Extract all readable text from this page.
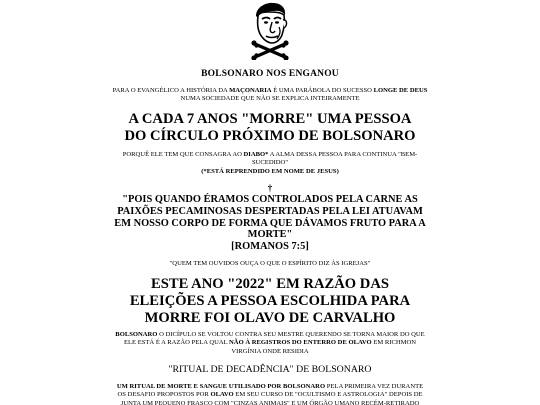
BOLSONARO NOS ENGANOU

PARA O EVANGÉLICO A HISTÓRIA DA MAÇONARIA É UMA PARÁBOLA DO SUCESSO LONGE DE DEUS NUMA SOCIEDADE QUE NÃO SE EXPLICA INTEIRAMENTE

A CADA 7 ANOS "MORRE" UMA PESSOA DO CÍRCULO PRÓXIMO DE BOLSONARO

PORQUÊ ELE TEM QUE CONSAGRA AO DIABO* A ALMA DESSA PESSOA PARA CONTINUA "BEM-SUCEDIDO"

(*ESTÁ REPRENDIDO EM NOME DE JESUS)
†
"POIS QUANDO ÉRAMOS CONTROLADOS PELA CARNE AS PAIXÕES PECAMINOSAS DESPERTADAS PELA LEI ATUAVAM EM NOSSO CORPO DE FORMA QUE DÁVAMOS FRUTO PARA A MORTE"
[ROMANOS 7:5]
"QUEM TEM OUVIDOS OUÇA O QUE O ESPÍRITO DIZ ÀS IGREJAS"
ESTE ANO "2022" EM RAZÃO DAS ELEIÇÕES A PESSOA ESCOLHIDA PARA MORRE FOI OLAVO DE CARVALHO

BOLSONARO O DICÍPULO SE VOLTOU CONTRA SEU MESTRE QUERENDO SE TORNA MAIOR DO QUE ELE ESTÁ É A RAZÃO PELA QUAL NÃO À REGISTROS DO ENTERRO DE OLAVO EM RICHMON VIRGÍNIA ONDE RESIDIA

"RITUAL DE DECADÊNCIA" DE BOLSONARO

UM RITUAL DE MORTE E SANGUE UTILISADO POR BOLSONARO PELA PRIMEIRA VEZ DURANTE OS DESAFIO PROPOSTOS POR OLAVO EM SEU CURSO DE "OCULTISMO E ASTROLOGIA" DEPOIS DE JUNTA UM PEQUENO FRASCO COM "CINZAS ANIMAIS" E UM ÓRGÃO UMANO RECÉM-RETIRADO
